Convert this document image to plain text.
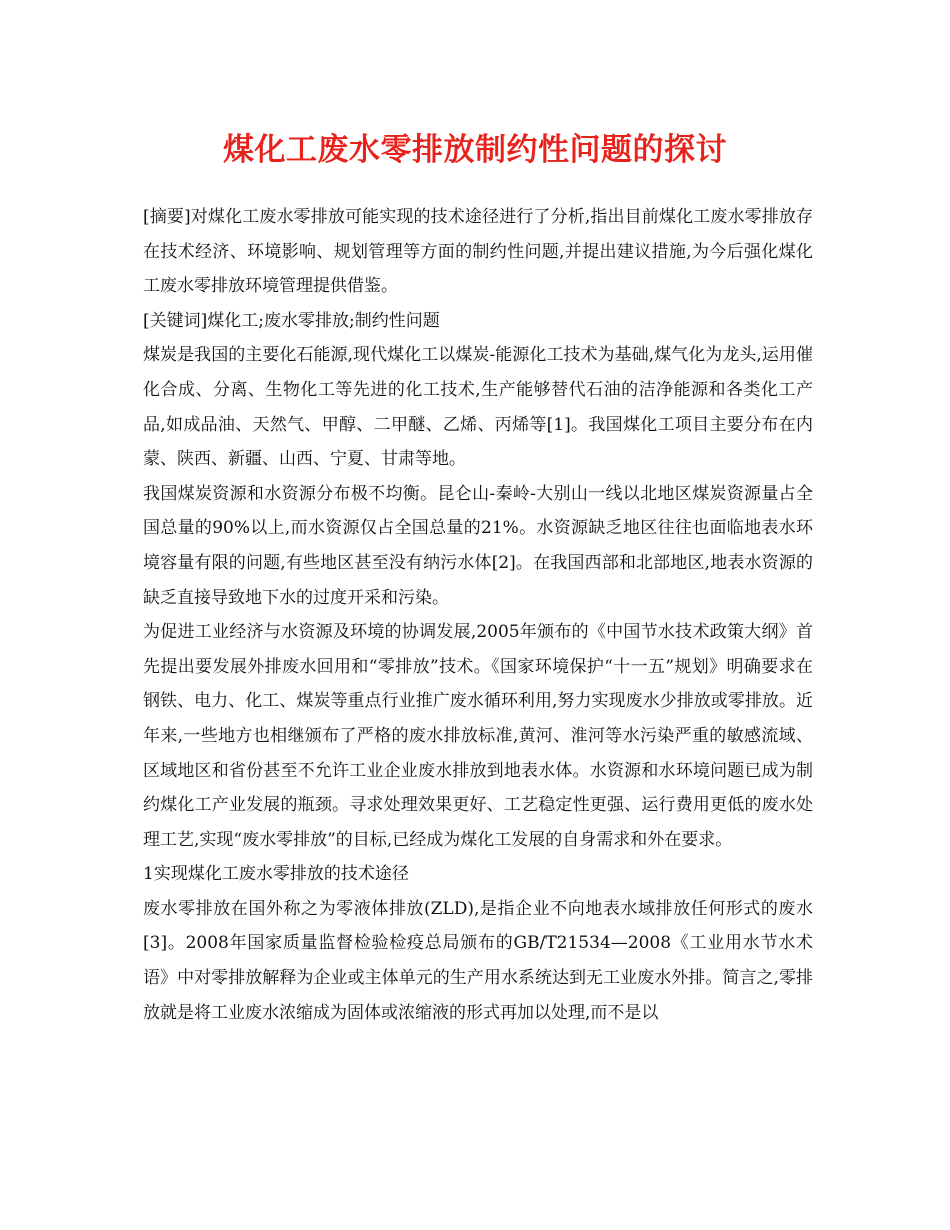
煤化工废水零排放制约性问题的探讨

[摘要]对煤化工废水零排放可能实现的技术途径进行了分析,指出目前煤化工废水零排放存在技术经济、环境影响、规划管理等方面的制约性问题,并提出建议措施,为今后强化煤化工废水零排放环境管理提供借鉴。

[关键词]煤化工;废水零排放;制约性问题

煤炭是我国的主要化石能源,现代煤化工以煤炭-能源化工技术为基础,煤气化为龙头,运用催化合成、分离、生物化工等先进的化工技术,生产能够替代石油的洁净能源和各类化工产品,如成品油、天然气、甲醇、二甲醚、乙烯、丙烯等[1]。我国煤化工项目主要分布在内蒙、陕西、新疆、山西、宁夏、甘肃等地。

我国煤炭资源和水资源分布极不均衡。昆仑山-秦岭-大别山一线以北地区煤炭资源量占全国总量的90%以上,而水资源仅占全国总量的21%。水资源缺乏地区往往也面临地表水环境容量有限的问题,有些地区甚至没有纳污水体[2]。在我国西部和北部地区,地表水资源的缺乏直接导致地下水的过度开采和污染。

为促进工业经济与水资源及环境的协调发展,2005年颁布的《中国节水技术政策大纲》首先提出要发展外排废水回用和“零排放”技术。《国家环境保护“十一五”规划》明确要求在钢铁、电力、化工、煤炭等重点行业推广废水循环利用,努力实现废水少排放或零排放。近年来,一些地方也相继颁布了严格的废水排放标准,黄河、淮河等水污染严重的敏感流域、区域地区和省份甚至不允许工业企业废水排放到地表水体。水资源和水环境问题已成为制约煤化工产业发展的瓶颈。寻求处理效果更好、工艺稳定性更强、运行费用更低的废水处理工艺,实现“废水零排放”的目标,已经成为煤化工发展的自身需求和外在要求。

1实现煤化工废水零排放的技术途径

废水零排放在国外称之为零液体排放(ZLD),是指企业不向地表水域排放任何形式的废水[3]。2008年国家质量监督检验检疫总局颁布的GB/T21534—2008《工业用水节水术语》中对零排放解释为企业或主体单元的生产用水系统达到无工业废水外排。简言之,零排放就是将工业废水浓缩成为固体或浓缩液的形式再加以处理,而不是以
